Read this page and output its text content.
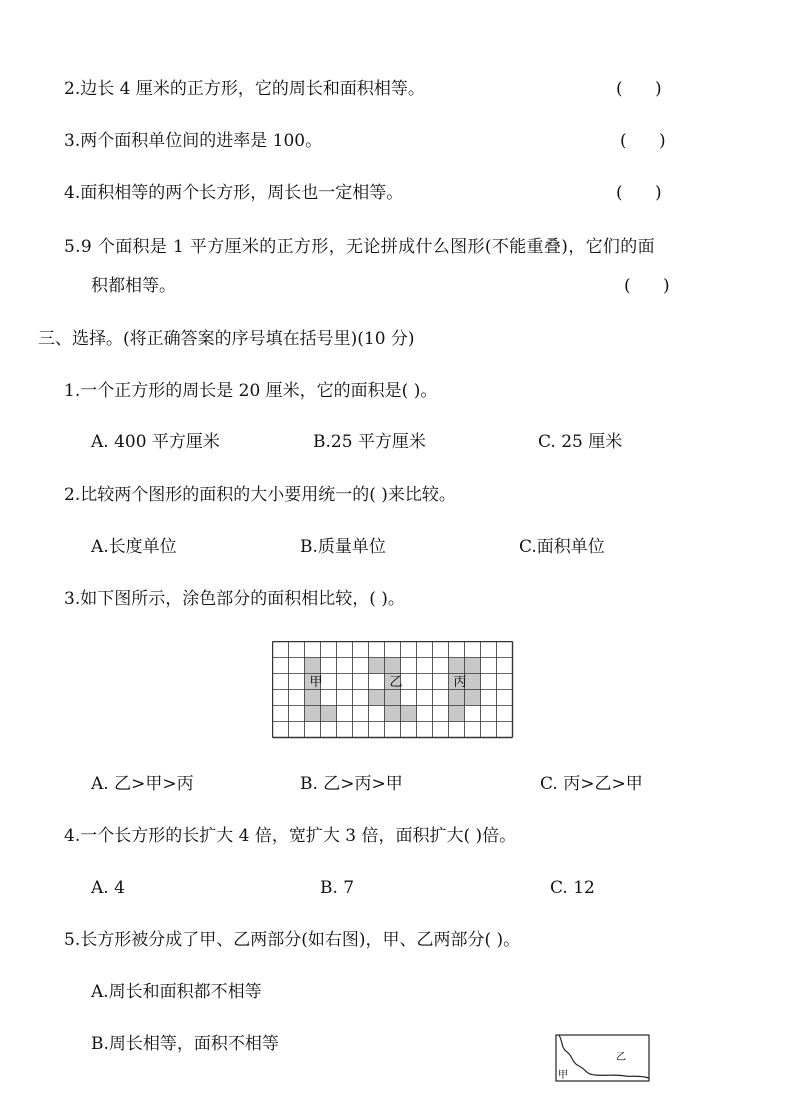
2.边长 4 厘米的正方形，它的周长和面积相等。	(      )
3.两个面积单位间的进率是 100。	(      )
4.面积相等的两个长方形，周长也一定相等。	(      )
5.9 个面积是 1 平方厘米的正方形，无论拼成什么图形(不能重叠)，它们的面
积都相等。	(      )
三、选择。(将正确答案的序号填在括号里)(10 分)
1.一个正方形的周长是 20 厘米，它的面积是( )。
A. 400 平方厘米	B.25 平方厘米	C. 25 厘米
2.比较两个图形的面积的大小要用统一的( )来比较。
A.长度单位	B.质量单位	C.面积单位
3.如下图所示，涂色部分的面积相比较，( )。
甲	乙	丙
A. 乙>甲>丙	B. 乙>丙>甲	C. 丙>乙>甲
4.一个长方形的长扩大 4 倍，宽扩大 3 倍，面积扩大( )倍。
A. 4	B. 7	C. 12
5.长方形被分成了甲、乙两部分(如右图)，甲、乙两部分( )。
A.周长和面积都不相等
B.周长相等，面积不相等
甲
乙
